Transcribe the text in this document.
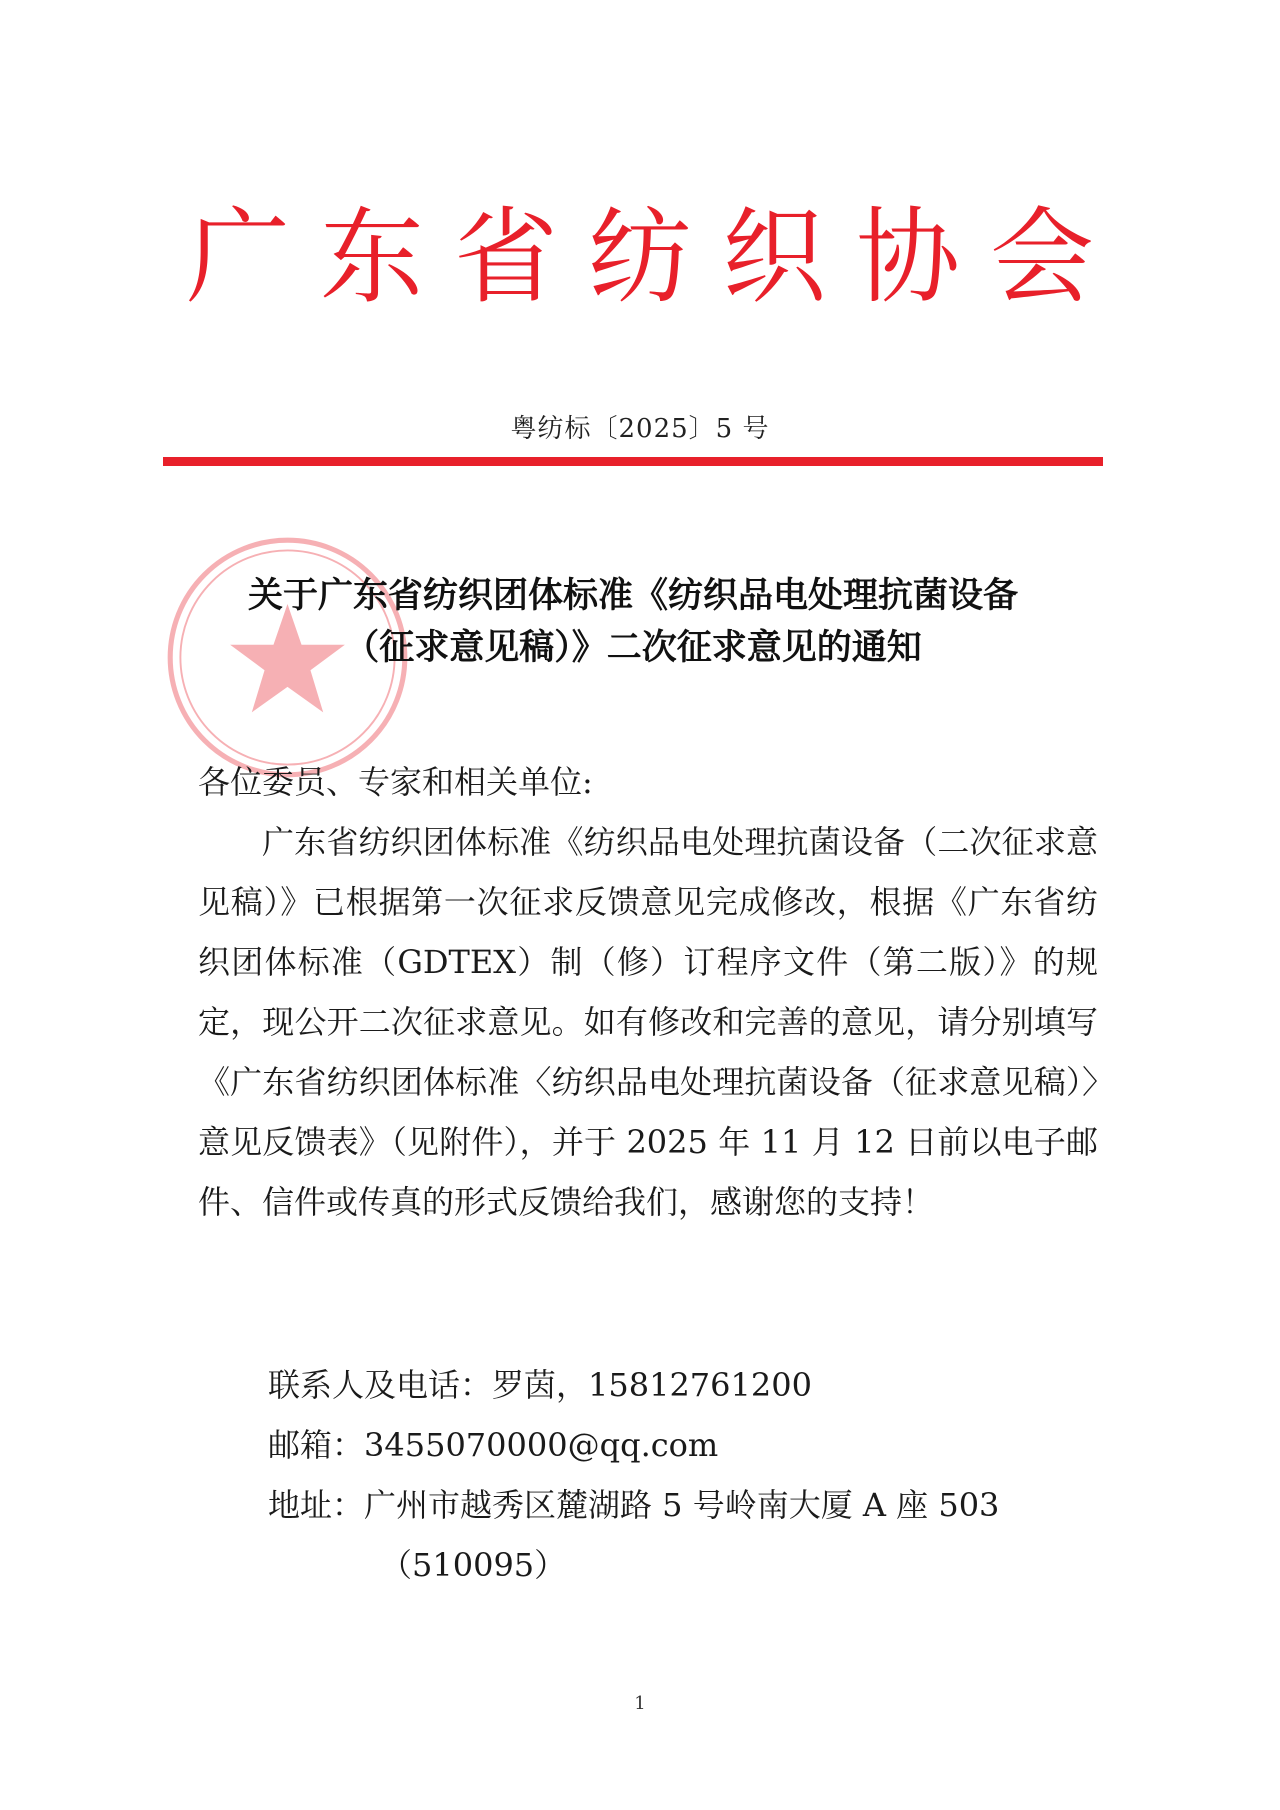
广东省纺织协会
粤纺标〔2025〕5 号
关于广东省纺织团体标准《纺织品电处理抗菌设备
（征求意见稿）》二次征求意见的通知

各位委员、专家和相关单位:

广东省纺织团体标准《纺织品电处理抗菌设备（二次征求意见稿）》已根据第一次征求反馈意见完成修改，根据《广东省纺织团体标准（GDTEX）制（修）订程序文件（第二版）》的规定，现公开二次征求意见。如有修改和完善的意见，请分别填写《广东省纺织团体标准〈纺织品电处理抗菌设备（征求意见稿）〉意见反馈表》（见附件），并于 2025 年 11 月 12 日前以电子邮件、信件或传真的形式反馈给我们，感谢您的支持！

联系人及电话：罗茵，15812761200

邮箱：3455070000@qq.com

地址：广州市越秀区麓湖路 5 号岭南大厦 A 座 503

（510095）

1
